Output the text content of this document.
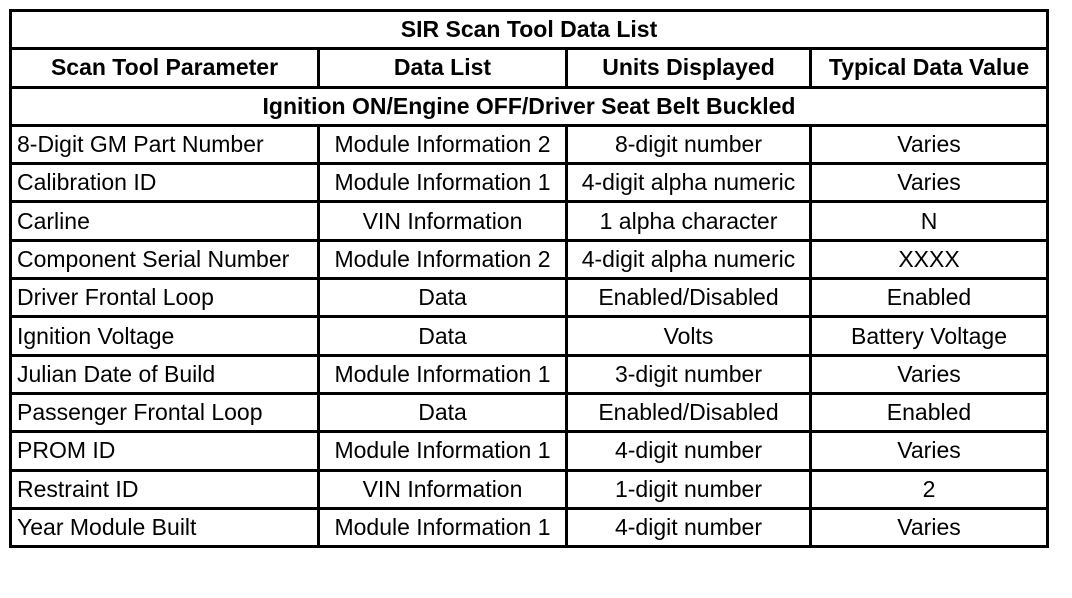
SIR Scan Tool Data List			
Scan Tool Parameter	Data List	Units Displayed	Typical Data Value
Ignition ON/Engine OFF/Driver Seat Belt Buckled			
8-Digit GM Part Number	Module Information 2	8-digit number	Varies
Calibration ID	Module Information 1	4-digit alpha numeric	Varies
Carline	VIN Information	1 alpha character	N
Component Serial Number	Module Information 2	4-digit alpha numeric	XXXX
Driver Frontal Loop	Data	Enabled/Disabled	Enabled
Ignition Voltage	Data	Volts	Battery Voltage
Julian Date of Build	Module Information 1	3-digit number	Varies
Passenger Frontal Loop	Data	Enabled/Disabled	Enabled
PROM ID	Module Information 1	4-digit number	Varies
Restraint ID	VIN Information	1-digit number	2
Year Module Built	Module Information 1	4-digit number	Varies
